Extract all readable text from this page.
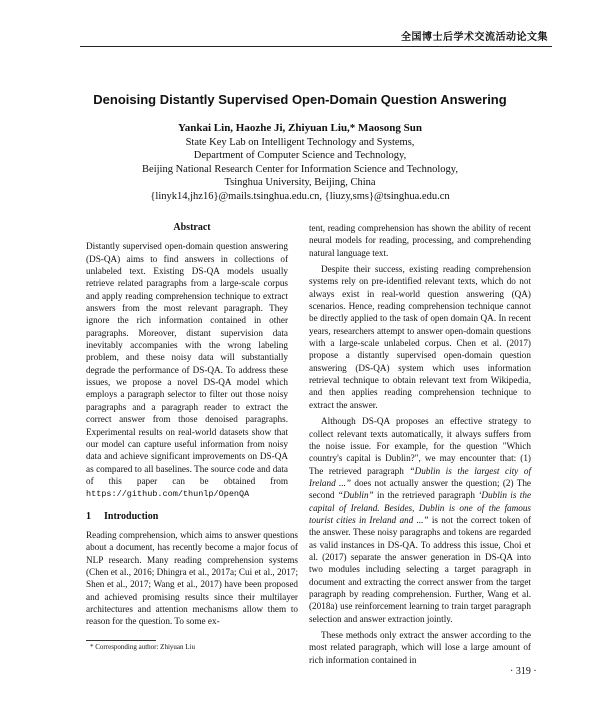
全国博士后学术交流活动论文集
Denoising Distantly Supervised Open-Domain Question Answering
Yankai Lin, Haozhe Ji, Zhiyuan Liu,* Maosong Sun
State Key Lab on Intelligent Technology and Systems,
Department of Computer Science and Technology,
Beijing National Research Center for Information Science and Technology,
Tsinghua University, Beijing, China
{linyk14,jhz16}@mails.tsinghua.edu.cn, {liuzy,sms}@tsinghua.edu.cn
Abstract
Distantly supervised open-domain question answering (DS-QA) aims to find answers in collections of unlabeled text. Existing DS-QA models usually retrieve related paragraphs from a large-scale corpus and apply reading comprehension technique to extract answers from the most relevant paragraph. They ignore the rich information contained in other paragraphs. Moreover, distant supervision data inevitably accompanies with the wrong labeling problem, and these noisy data will substantially degrade the performance of DS-QA. To address these issues, we propose a novel DS-QA model which employs a paragraph selector to filter out those noisy paragraphs and a paragraph reader to extract the correct answer from those denoised paragraphs. Experimental results on real-world datasets show that our model can capture useful information from noisy data and achieve significant improvements on DS-QA as compared to all baselines. The source code and data of this paper can be obtained from https://github.com/thunlp/OpenQA
1 Introduction

Reading comprehension, which aims to answer questions about a document, has recently become a major focus of NLP research. Many reading comprehension systems (Chen et al., 2016; Dhingra et al., 2017a; Cui et al., 2017; Shen et al., 2017; Wang et al., 2017) have been proposed and achieved promising results since their multilayer architectures and attention mechanisms allow them to reason for the question. To some ex-

tent, reading comprehension has shown the ability of recent neural models for reading, processing, and comprehending natural language text.

Despite their success, existing reading comprehension systems rely on pre-identified relevant texts, which do not always exist in real-world question answering (QA) scenarios. Hence, reading comprehension technique cannot be directly applied to the task of open domain QA. In recent years, researchers attempt to answer open-domain questions with a large-scale unlabeled corpus. Chen et al. (2017) propose a distantly supervised open-domain question answering (DS-QA) system which uses information retrieval technique to obtain relevant text from Wikipedia, and then applies reading comprehension technique to extract the answer.

Although DS-QA proposes an effective strategy to collect relevant texts automatically, it always suffers from the noise issue. For example, for the question "Which country's capital is Dublin?", we may encounter that: (1) The retrieved paragraph “Dublin is the largest city of Ireland ...” does not actually answer the question; (2) The second “Dublin” in the retrieved paragraph ‘Dublin is the capital of Ireland. Besides, Dublin is one of the famous tourist cities in Ireland and ...” is not the correct token of the answer. These noisy paragraphs and tokens are regarded as valid instances in DS-QA. To address this issue, Choi et al. (2017) separate the answer generation in DS-QA into two modules including selecting a target paragraph in document and extracting the correct answer from the target paragraph by reading comprehension. Further, Wang et al. (2018a) use reinforcement learning to train target paragraph selection and answer extraction jointly.

These methods only extract the answer according to the most related paragraph, which will lose a large amount of rich information contained in

* Corresponding author: Zhiyuan Liu
· 319 ·
